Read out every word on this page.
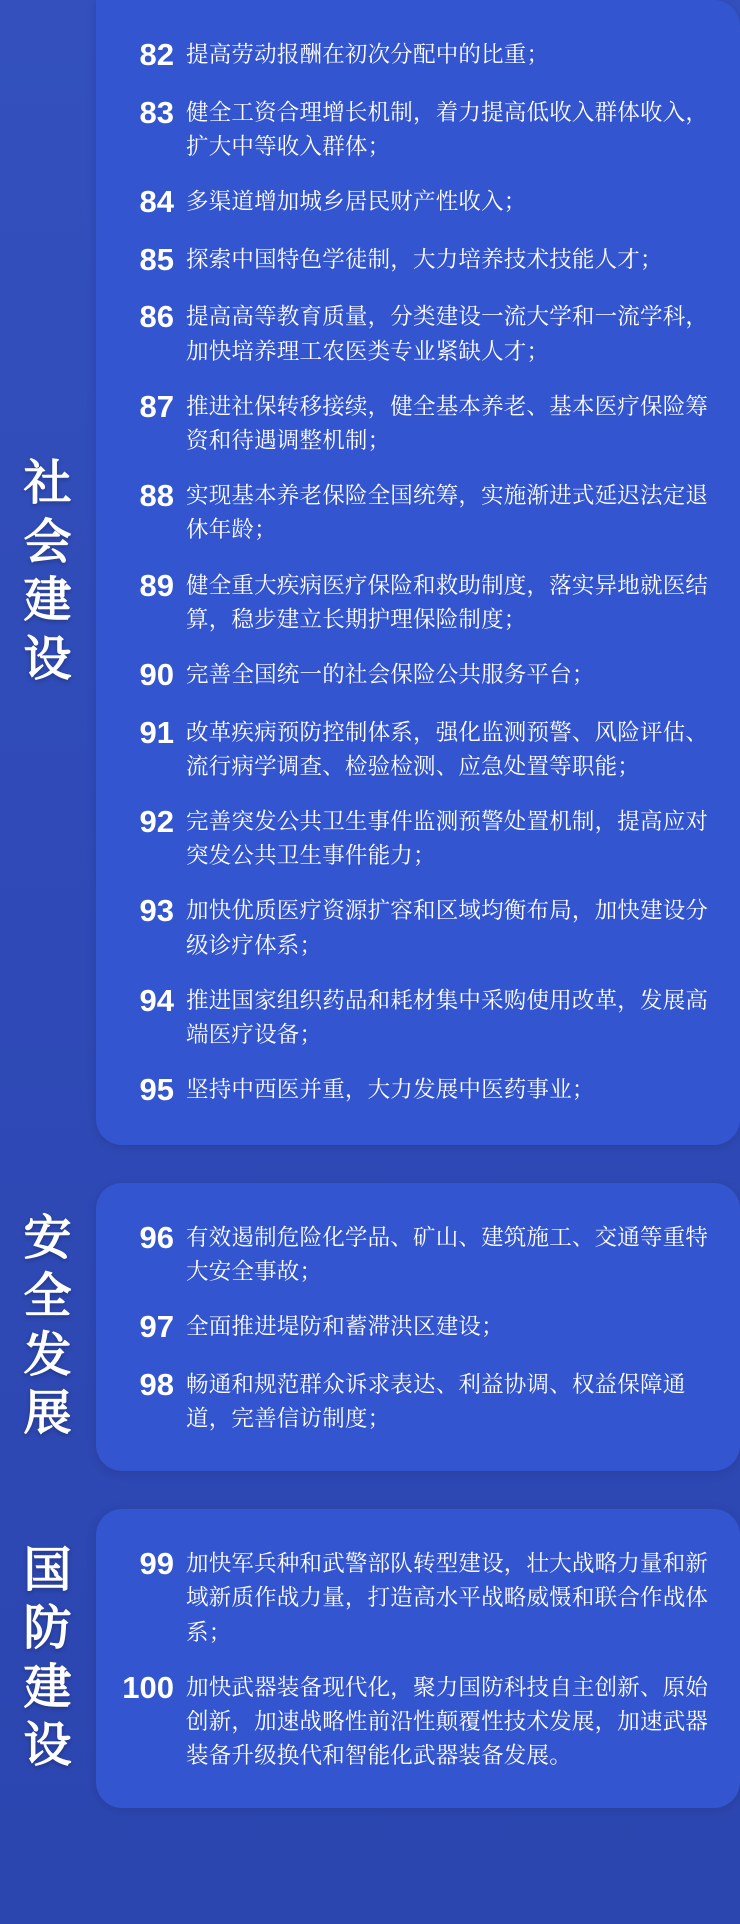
社
会
建
设
82 提高劳动报酬在初次分配中的比重；
83 健全工资合理增长机制，着力提高低收入群体收入，扩大中等收入群体；
84 多渠道增加城乡居民财产性收入；
85 探索中国特色学徒制，大力培养技术技能人才；
86 提高高等教育质量，分类建设一流大学和一流学科，加快培养理工农医类专业紧缺人才；
87 推进社保转移接续，健全基本养老、基本医疗保险筹资和待遇调整机制；
88 实现基本养老保险全国统筹，实施渐进式延迟法定退休年龄；
89 健全重大疾病医疗保险和救助制度，落实异地就医结算，稳步建立长期护理保险制度；
90 完善全国统一的社会保险公共服务平台；
91 改革疾病预防控制体系，强化监测预警、风险评估、流行病学调查、检验检测、应急处置等职能；
92 完善突发公共卫生事件监测预警处置机制，提高应对突发公共卫生事件能力；
93 加快优质医疗资源扩容和区域均衡布局，加快建设分级诊疗体系；
94 推进国家组织药品和耗材集中采购使用改革，发展高端医疗设备；
95 坚持中西医并重，大力发展中医药事业；
安
全
发
展
96 有效遏制危险化学品、矿山、建筑施工、交通等重特大安全事故；
97 全面推进堤防和蓄滞洪区建设；
98 畅通和规范群众诉求表达、利益协调、权益保障通道，完善信访制度；
国
防
建
设
99 加快军兵种和武警部队转型建设，壮大战略力量和新域新质作战力量，打造高水平战略威慑和联合作战体系；
100 加快武器装备现代化，聚力国防科技自主创新、原始创新，加速战略性前沿性颠覆性技术发展，加速武器装备升级换代和智能化武器装备发展。
